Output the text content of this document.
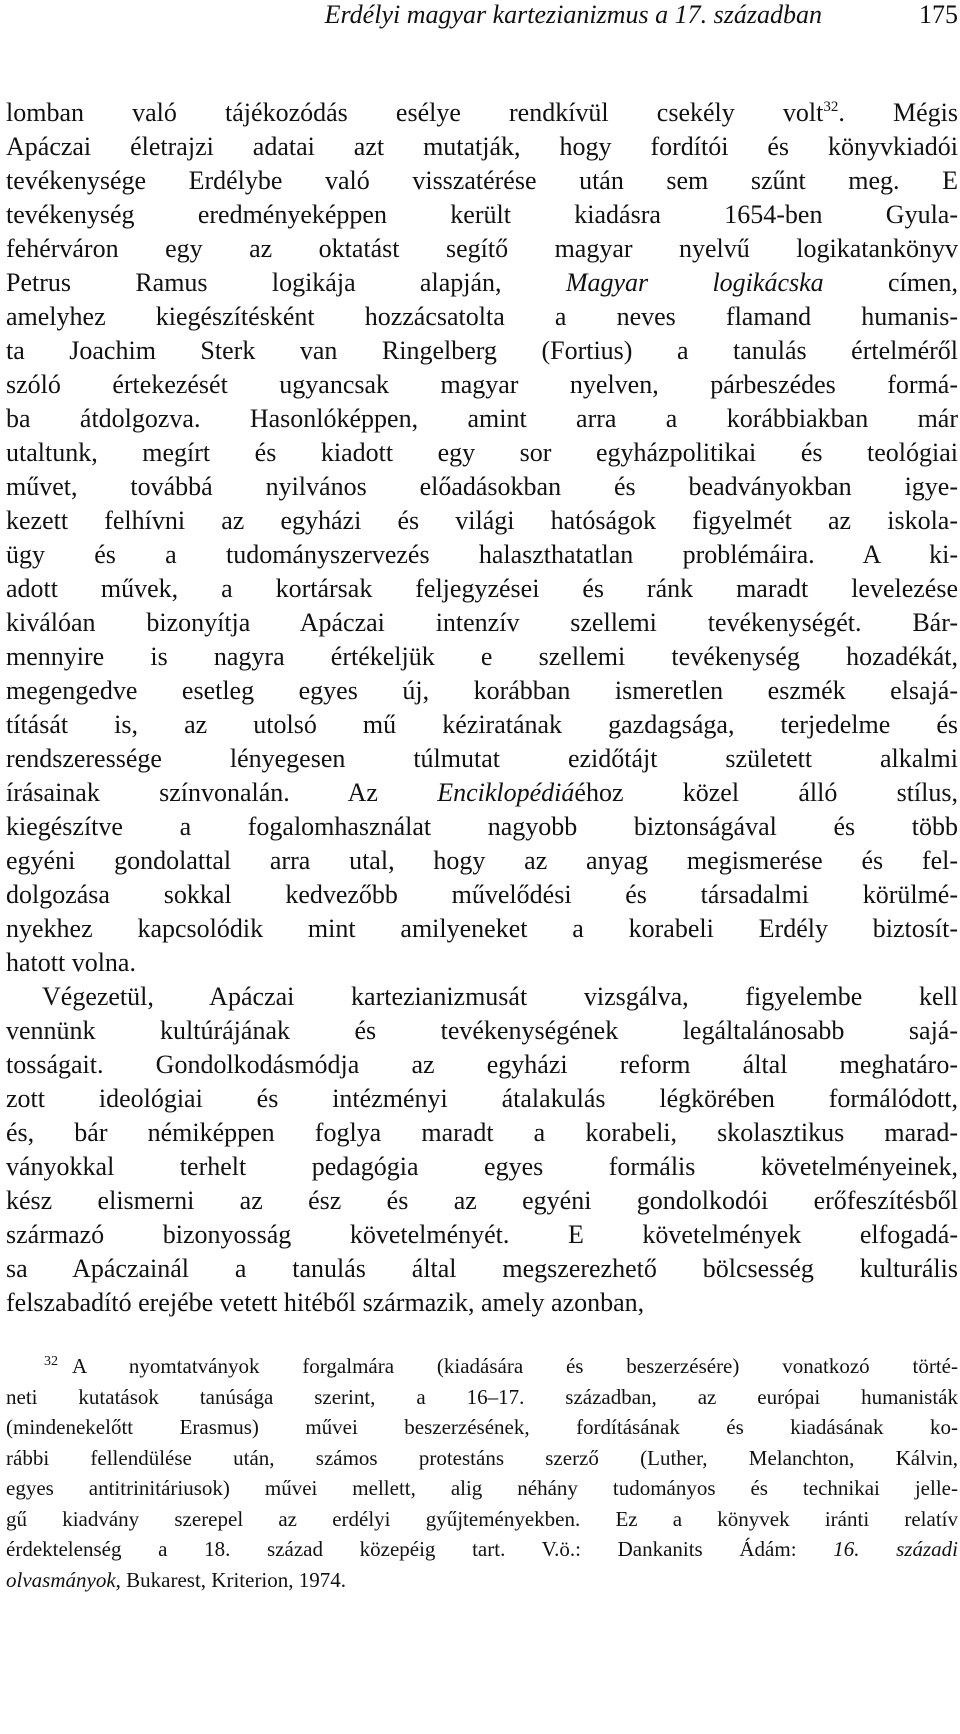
Erdélyi magyar kartezianizmus a 17. században	175
lomban való tájékozódás esélye rendkívül csekély volt$^{32}$. Mégis
Apáczai életrajzi adatai azt mutatják, hogy fordítói és könyvkiadói
tevékenysége Erdélybe való visszatérése után sem szűnt meg. E
tevékenység eredményeképpen került kiadásra 1654-ben Gyula-
fehérváron egy az oktatást segítő magyar nyelvű logikatankönyv
Petrus Ramus logikája alapján, Magyar logikácska címen,
amelyhez kiegészítésként hozzácsatolta a neves flamand humanis-
ta Joachim Sterk van Ringelberg (Fortius) a tanulás értelméről
szóló értekezését ugyancsak magyar nyelven, párbeszédes formá-
ba átdolgozva. Hasonlóképpen, amint arra a korábbiakban már
utaltunk, megírt és kiadott egy sor egyházpolitikai és teológiai
művet, továbbá nyilvános előadásokban és beadványokban igye-
kezett felhívni az egyházi és világi hatóságok figyelmét az iskola-
ügy és a tudományszervezés halaszthatatlan problémáira. A ki-
adott művek, a kortársak feljegyzései és ránk maradt levelezése
kiválóan bizonyítja Apáczai intenzív szellemi tevékenységét. Bár-
mennyire is nagyra értékeljük e szellemi tevékenység hozadékát,
megengedve esetleg egyes új, korábban ismeretlen eszmék elsajá-
títását is, az utolsó mű kéziratának gazdagsága, terjedelme és
rendszeressége lényegesen túlmutat ezidőtájt született alkalmi
írásainak színvonalán. Az Enciklopédiáéhoz közel álló stílus,
kiegészítve a fogalomhasználat nagyobb biztonságával és több
egyéni gondolattal arra utal, hogy az anyag megismerése és fel-
dolgozása sokkal kedvezőbb művelődési és társadalmi körülmé-
nyekhez kapcsolódik mint amilyeneket a korabeli Erdély biztosít-
hatott volna.
Végezetül, Apáczai kartezianizmusát vizsgálva, figyelembe kell
vennünk kultúrájának és tevékenységének legáltalánosabb sajá-
tosságait. Gondolkodásmódja az egyházi reform által meghatáro-
zott ideológiai és intézményi átalakulás légkörében formálódott,
és, bár némiképpen foglya maradt a korabeli, skolasztikus marad-
ványokkal terhelt pedagógia egyes formális követelményeinek,
kész elismerni az ész és az egyéni gondolkodói erőfeszítésből
származó bizonyosság követelményét. E követelmények elfogadá-
sa Apáczainál a tanulás által megszerezhető bölcsesség kulturális
felszabadító erejébe vetett hitéből származik, amely azonban,
$^{32}$ A nyomtatványok forgalmára (kiadására és beszerzésére) vonatkozó törté-
neti kutatások tanúsága szerint, a 16–17. században, az európai humanisták
(mindenekelőtt Erasmus) művei beszerzésének, fordításának és kiadásának ko-
rábbi fellendülése után, számos protestáns szerző (Luther, Melanchton, Kálvin,
egyes antitrinitáriusok) művei mellett, alig néhány tudományos és technikai jelle-
gű kiadvány szerepel az erdélyi gyűjteményekben. Ez a könyvek iránti relatív
érdektelenség a 18. század közepéig tart. V.ö.: Dankanits Ádám: 16. századi
olvasmányok, Bukarest, Kriterion, 1974.
